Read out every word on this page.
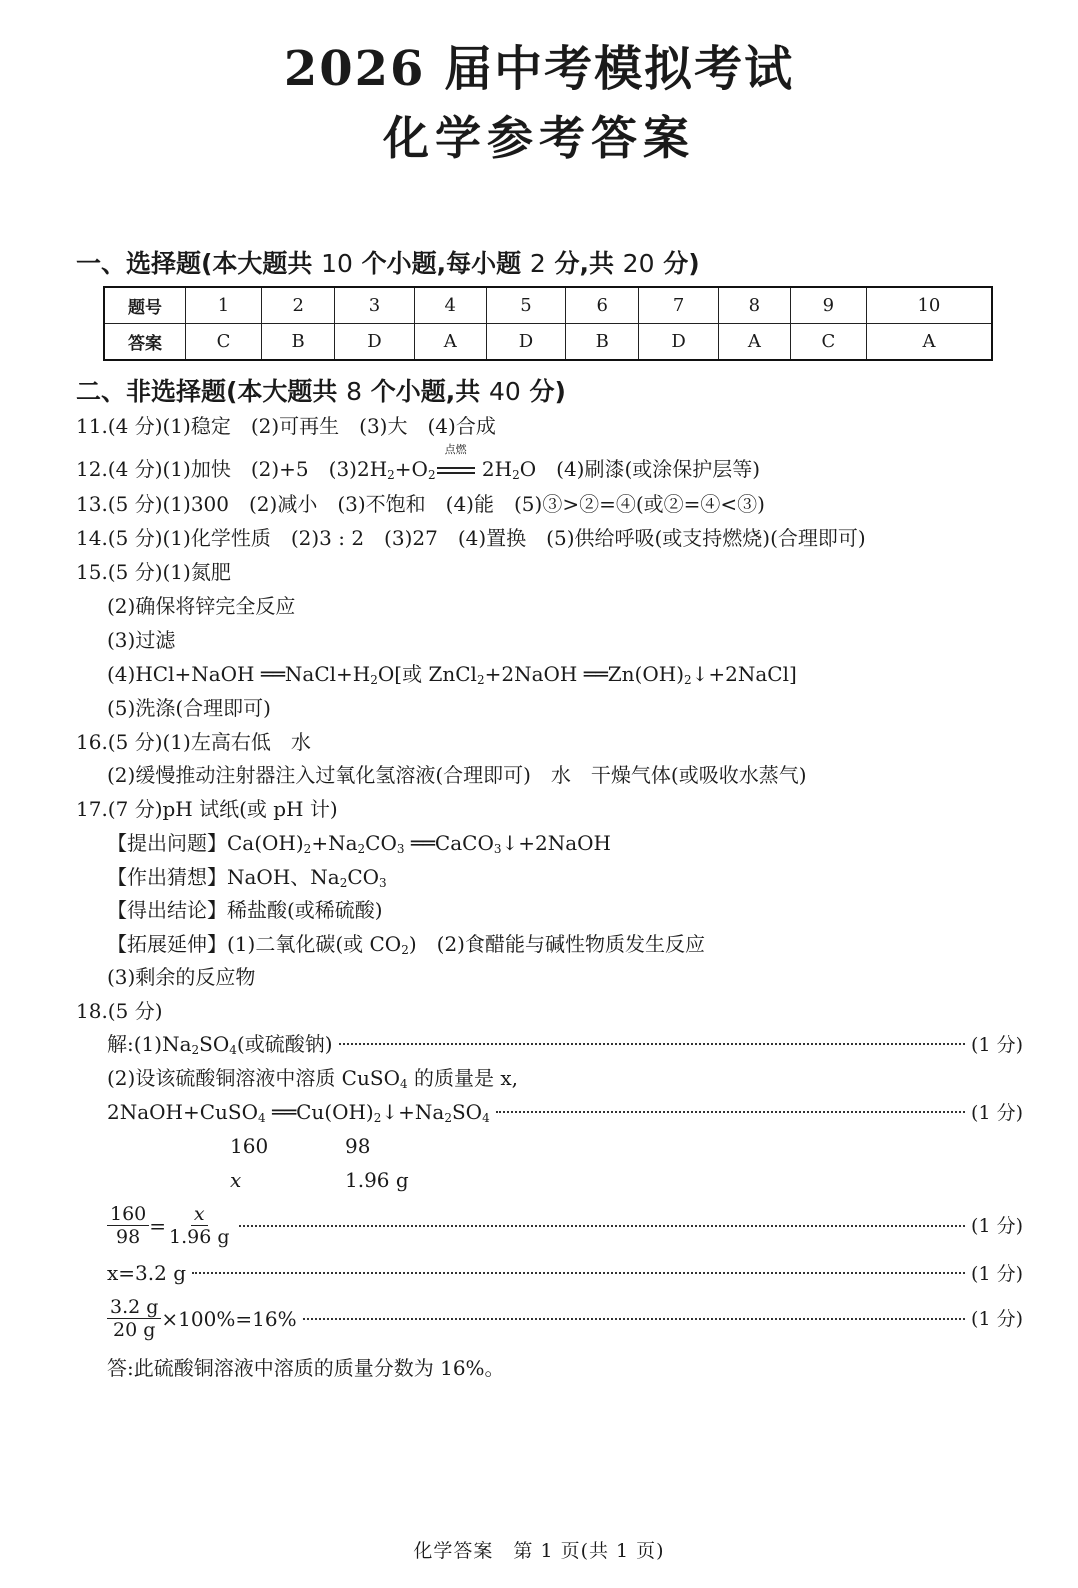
2026 届中考模拟考试
化学参考答案
一、选择题(本大题共 10 个小题,每小题 2 分,共 20 分)
题号	1	2	3	4	5	6	7	8	9	10
答案	C	B	D	A	D	B	D	A	C	A
二、非选择题(本大题共 8 个小题,共 40 分)
11.(4 分)(1)稳定　(2)可再生　(3)大　(4)合成
12.(4 分)(1)加快　(2)+5　$(3)2H_2+O_2$
点燃
$2H_2O$　(4)刷漆(或涂保护层等)
13.(5 分)(1)300　(2)减小　(3)不饱和　(4)能　(5)③>②=④(或②=④<③)
14.(5 分)(1)化学性质　(2)3 : 2　(3)27　(4)置换　(5)供给呼吸(或支持燃烧)(合理即可)
15.(5 分)(1)氮肥
(2)确保将锌完全反应
(3)过滤
(4)HCl+NaOH $══NaCl+H_2O$[或 ZnCl$_2$+2NaOH $══Zn(OH)_2↓+2NaCl$]
(5)洗涤(合理即可)
16.(5 分)(1)左高右低　水
(2)缓慢推动注射器注入过氧化氢溶液(合理即可)　水　干燥气体(或吸收水蒸气)
17.(7 分)pH 试纸(或 pH 计)
【提出问题】$Ca(OH)_2+Na_2CO_3$ ══CaCO$_3$↓+2NaOH
【作出猜想】NaOH、$Na_2CO_3$
【得出结论】稀盐酸(或稀硫酸)
【拓展延伸】(1)二氧化碳(或 $CO_2$)　(2)食醋能与碱性物质发生反应
(3)剩余的反应物
18.(5 分)
解$:(1)Na_2SO_4$(或硫酸钠)	(1 分)
(2)设该硫酸铜溶液中溶质 CuSO$_4$ 的质量是 x,
2NaOH+CuSO$_4$ $══Cu(OH)_2↓+Na_2SO_4$	(1 分)
160	98
x	1.96 g
$\frac{160}{98} = \frac{x}{1.96 g}$	(1 分)
x=3.2 g	(1 分)
$\frac{3.2 g}{20 g} \times 100\%=16\%$	(1 分)
答:此硫酸铜溶液中溶质的质量分数为 16%。
化学答案　第 1 页(共 1 页)
